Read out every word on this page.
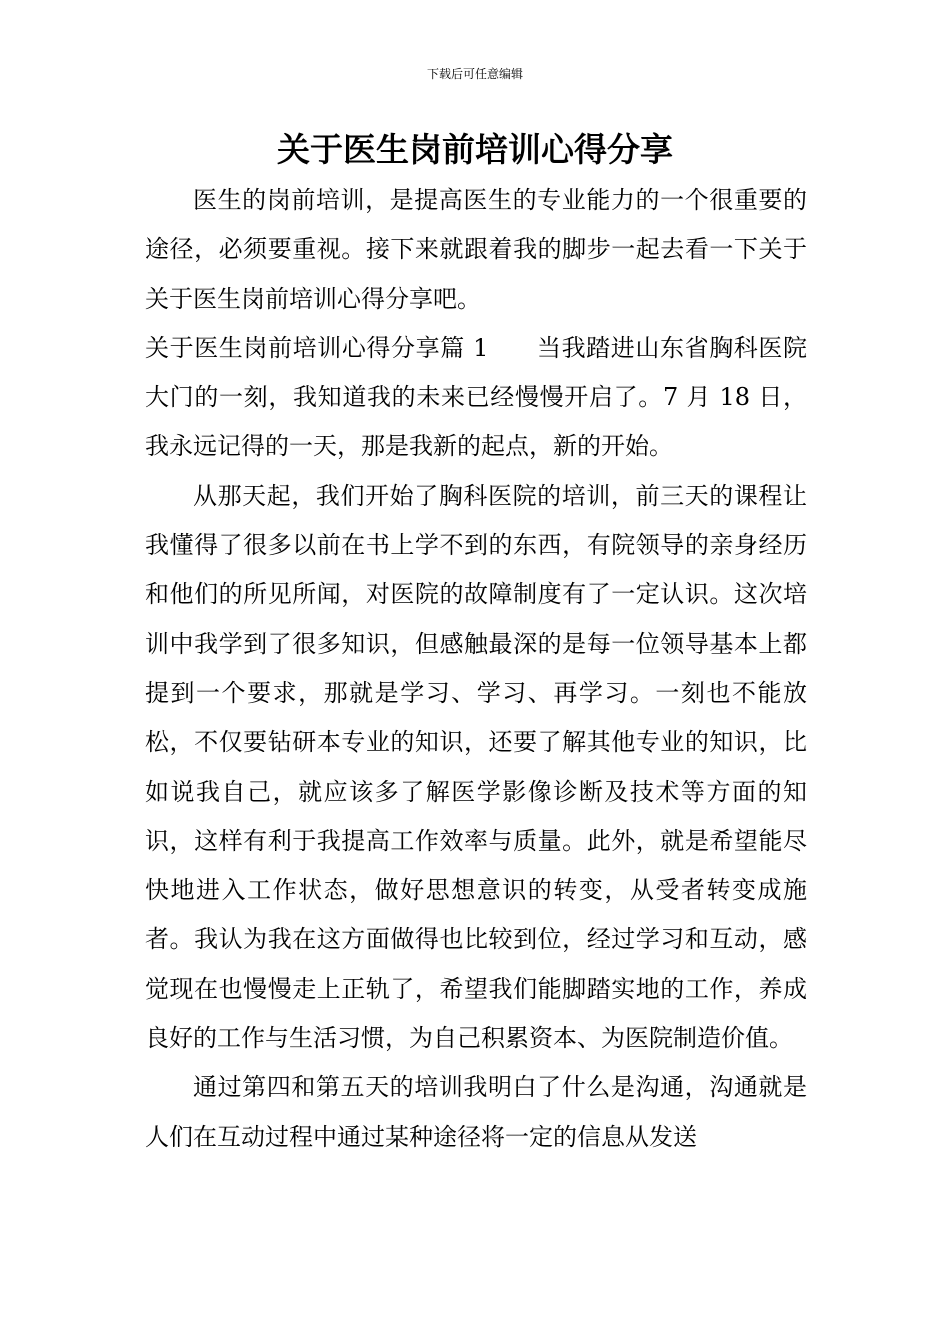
下载后可任意编辑
关于医生岗前培训心得分享

医生的岗前培训，是提高医生的专业能力的一个很重要的途径，必须要重视。接下来就跟着我的脚步一起去看一下关于关于医生岗前培训心得分享吧。

关于医生岗前培训心得分享篇 1 当我踏进山东省胸科医院大门的一刻，我知道我的未来已经慢慢开启了。7 月 18 日，我永远记得的一天，那是我新的起点，新的开始。

从那天起，我们开始了胸科医院的培训，前三天的课程让我懂得了很多以前在书上学不到的东西，有院领导的亲身经历和他们的所见所闻，对医院的故障制度有了一定认识。这次培训中我学到了很多知识，但感触最深的是每一位领导基本上都提到一个要求，那就是学习、学习、再学习。一刻也不能放松，不仅要钻研本专业的知识，还要了解其他专业的知识，比如说我自己，就应该多了解医学影像诊断及技术等方面的知识，这样有利于我提高工作效率与质量。此外，就是希望能尽快地进入工作状态，做好思想意识的转变，从受者转变成施者。我认为我在这方面做得也比较到位，经过学习和互动，感觉现在也慢慢走上正轨了，希望我们能脚踏实地的工作，养成良好的工作与生活习惯，为自己积累资本、为医院制造价值。

通过第四和第五天的培训我明白了什么是沟通，沟通就是人们在互动过程中通过某种途径将一定的信息从发送
